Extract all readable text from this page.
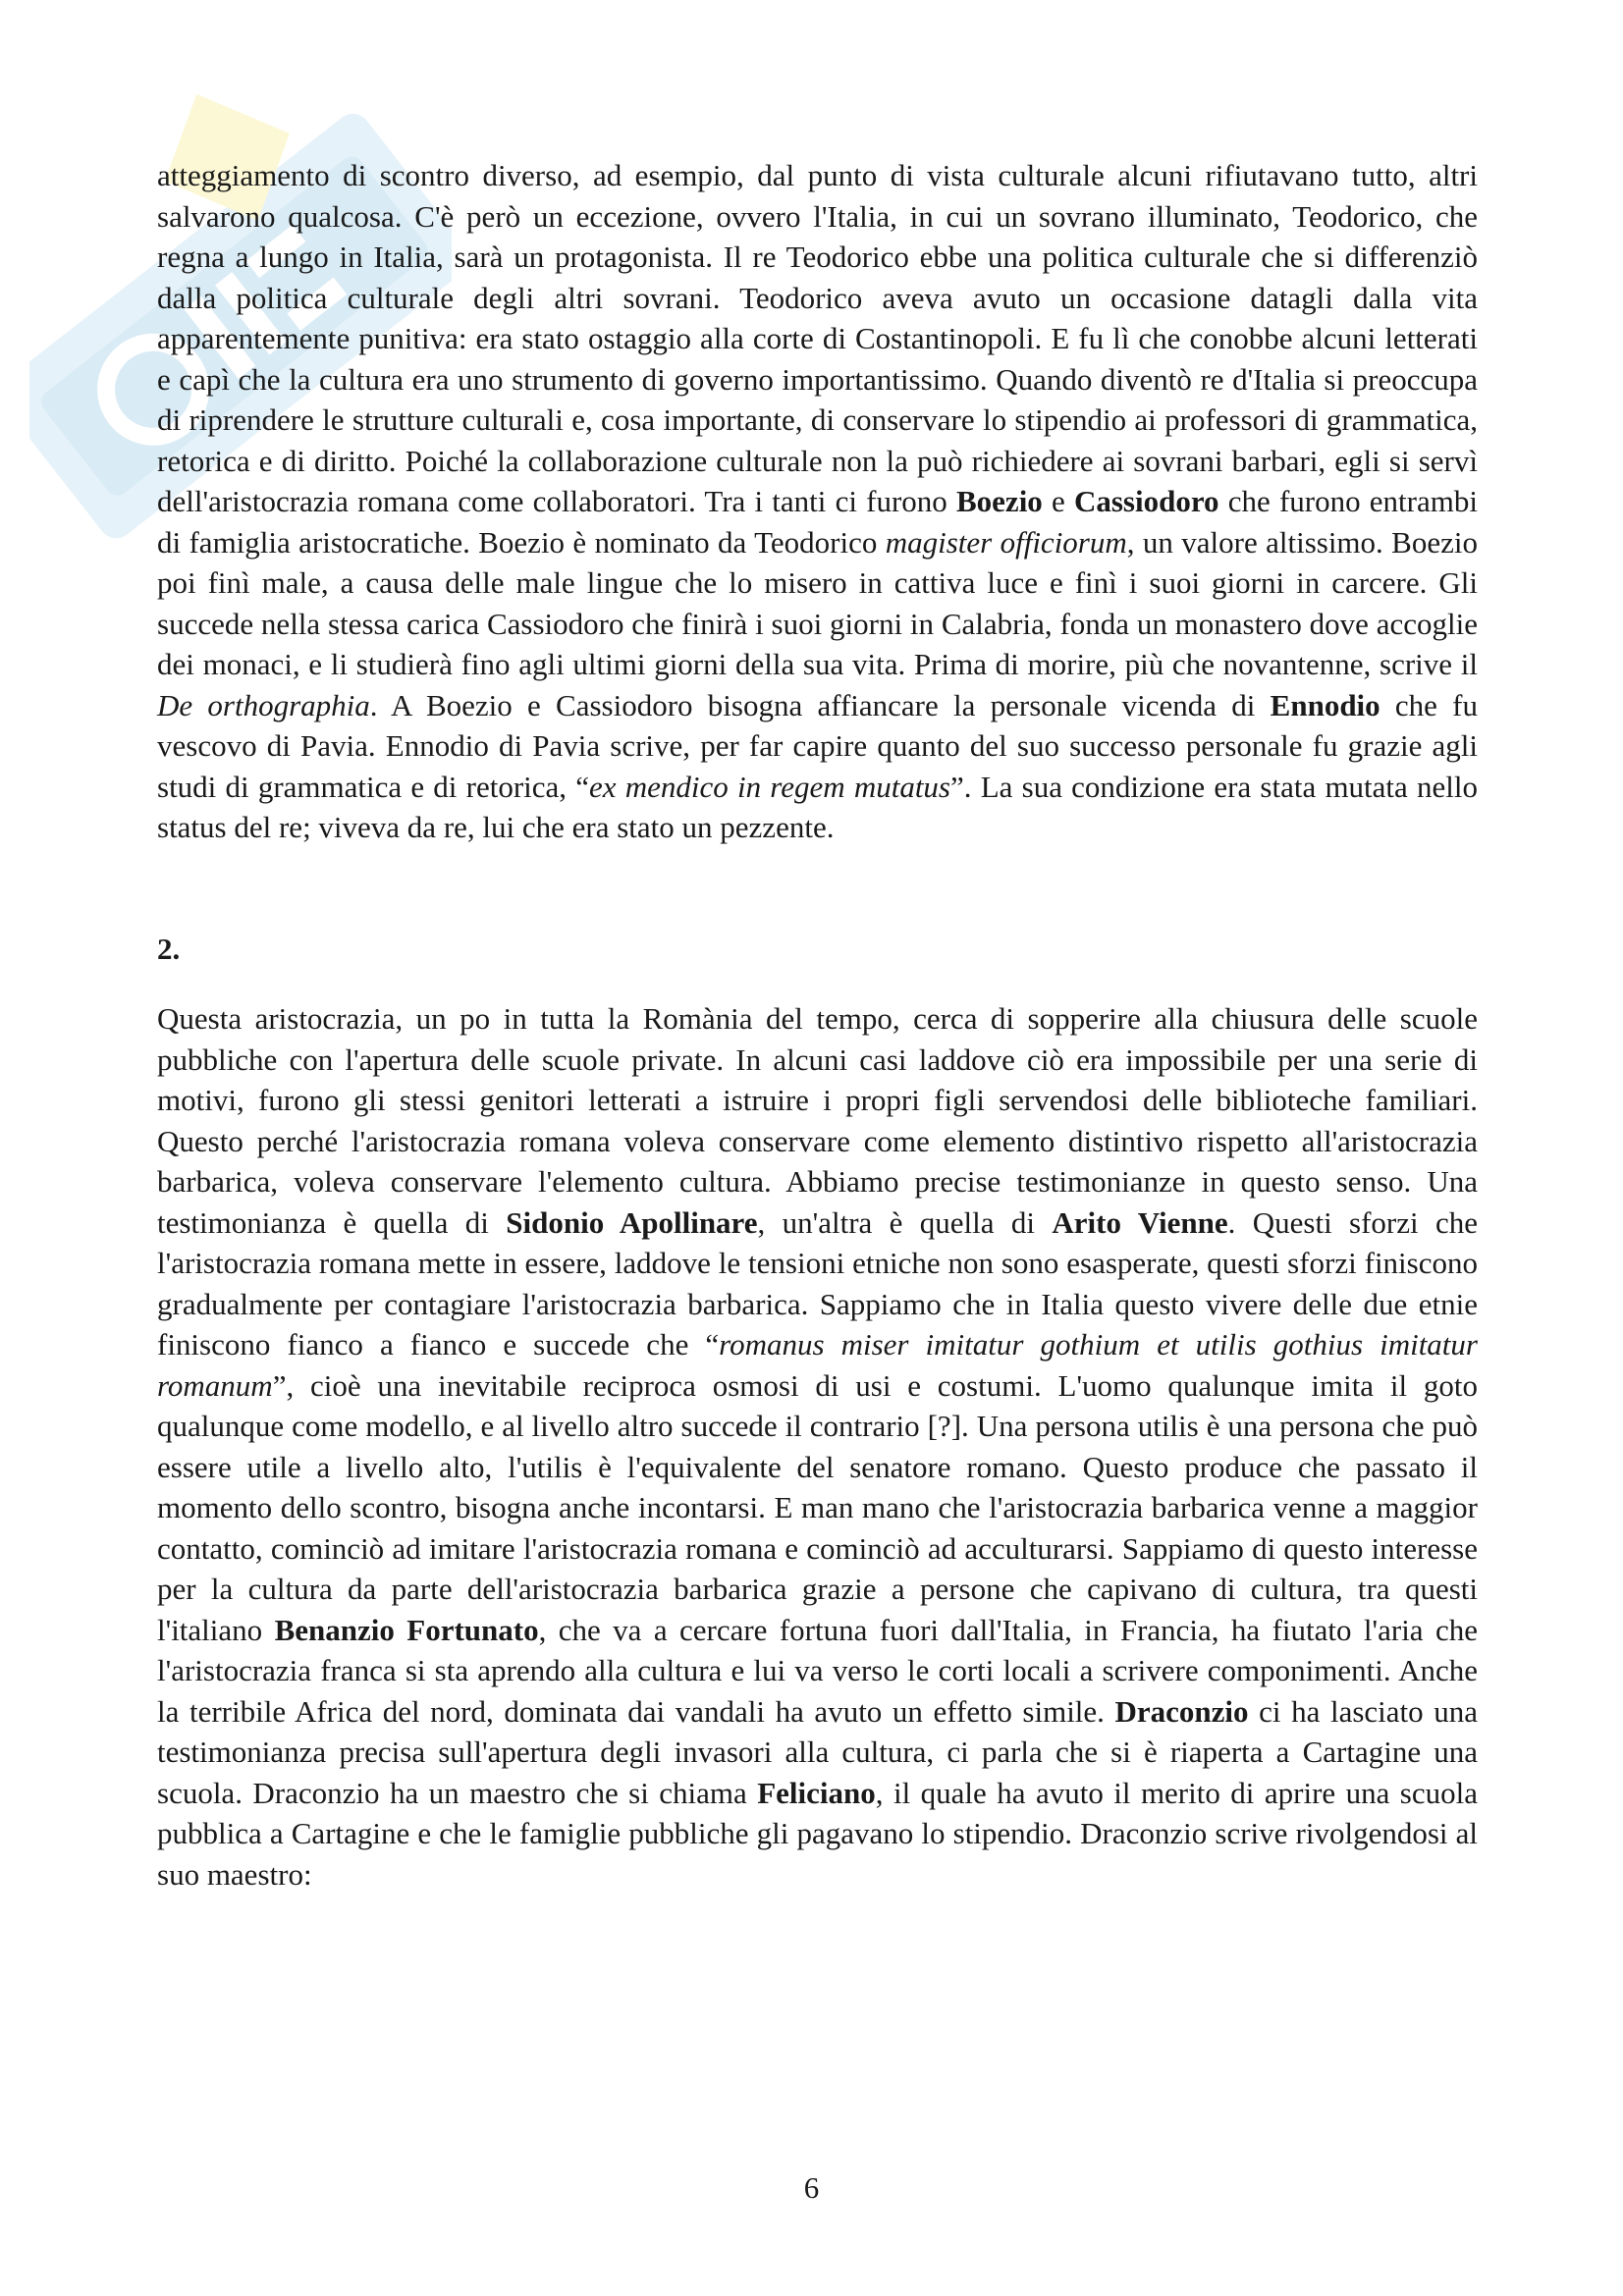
atteggiamento di scontro diverso, ad esempio, dal punto di vista culturale alcuni rifiutavano tutto, altri salvarono qualcosa. C'è però un eccezione, ovvero l'Italia, in cui un sovrano illuminato, Teodorico, che regna a lungo in Italia, sarà un protagonista. Il re Teodorico ebbe una politica culturale che si differenziò dalla politica culturale degli altri sovrani. Teodorico aveva avuto un occasione datagli dalla vita apparentemente punitiva: era stato ostaggio alla corte di Costantinopoli. E fu lì che conobbe alcuni letterati e capì che la cultura era uno strumento di governo importantissimo. Quando diventò re d'Italia si preoccupa di riprendere le strutture culturali e, cosa importante, di conservare lo stipendio ai professori di grammatica, retorica e di diritto. Poiché la collaborazione culturale non la può richiedere ai sovrani barbari, egli si servì dell'aristocrazia romana come collaboratori. Tra i tanti ci furono Boezio e Cassiodoro che furono entrambi di famiglia aristocratiche. Boezio è nominato da Teodorico magister officiorum, un valore altissimo. Boezio poi finì male, a causa delle male lingue che lo misero in cattiva luce e finì i suoi giorni in carcere. Gli succede nella stessa carica Cassiodoro che finirà i suoi giorni in Calabria, fonda un monastero dove accoglie dei monaci, e li studierà fino agli ultimi giorni della sua vita. Prima di morire, più che novantenne, scrive il De orthographia. A Boezio e Cassiodoro bisogna affiancare la personale vicenda di Ennodio che fu vescovo di Pavia. Ennodio di Pavia scrive, per far capire quanto del suo successo personale fu grazie agli studi di grammatica e di retorica, “ex mendico in regem mutatus”. La sua condizione era stata mutata nello status del re; viveva da re, lui che era stato un pezzente.

2.

Questa aristocrazia, un po in tutta la Romània del tempo, cerca di sopperire alla chiusura delle scuole pubbliche con l'apertura delle scuole private. In alcuni casi laddove ciò era impossibile per una serie di motivi, furono gli stessi genitori letterati a istruire i propri figli servendosi delle biblioteche familiari. Questo perché l'aristocrazia romana voleva conservare come elemento distintivo rispetto all'aristocrazia barbarica, voleva conservare l'elemento cultura. Abbiamo precise testimonianze in questo senso. Una testimonianza è quella di Sidonio Apollinare, un'altra è quella di Arito Vienne. Questi sforzi che l'aristocrazia romana mette in essere, laddove le tensioni etniche non sono esasperate, questi sforzi finiscono gradualmente per contagiare l'aristocrazia barbarica. Sappiamo che in Italia questo vivere delle due etnie finiscono fianco a fianco e succede che “romanus miser imitatur gothium et utilis gothius imitatur romanum”, cioè una inevitabile reciproca osmosi di usi e costumi. L'uomo qualunque imita il goto qualunque come modello, e al livello altro succede il contrario [?]. Una persona utilis è una persona che può essere utile a livello alto, l'utilis è l'equivalente del senatore romano. Questo produce che passato il momento dello scontro, bisogna anche incontarsi. E man mano che l'aristocrazia barbarica venne a maggior contatto, cominciò ad imitare l'aristocrazia romana e cominciò ad acculturarsi. Sappiamo di questo interesse per la cultura da parte dell'aristocrazia barbarica grazie a persone che capivano di cultura, tra questi l'italiano Benanzio Fortunato, che va a cercare fortuna fuori dall'Italia, in Francia, ha fiutato l'aria che l'aristocrazia franca si sta aprendo alla cultura e lui va verso le corti locali a scrivere componimenti. Anche la terribile Africa del nord, dominata dai vandali ha avuto un effetto simile. Draconzio ci ha lasciato una testimonianza precisa sull'apertura degli invasori alla cultura, ci parla che si è riaperta a Cartagine una scuola. Draconzio ha un maestro che si chiama Feliciano, il quale ha avuto il merito di aprire una scuola pubblica a Cartagine e che le famiglie pubbliche gli pagavano lo stipendio. Draconzio scrive rivolgendosi al suo maestro:

6
